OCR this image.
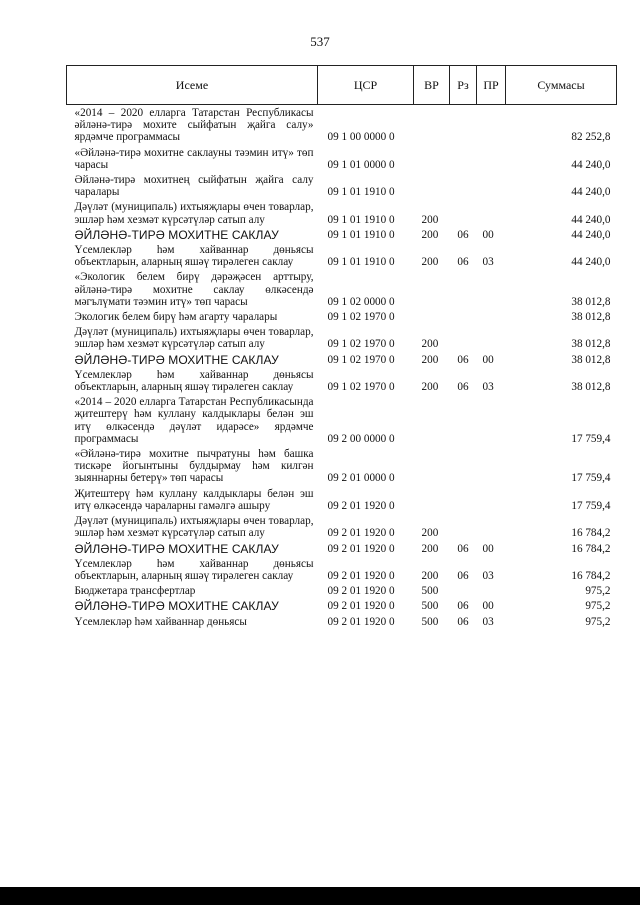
537
Исеме	ЦСР	ВР	Рз	ПР	Суммасы
«2014 – 2020 елларга Татарстан Республикасы әйләнә-тирә мохите сыйфатын җайга салу» ярдәмче программасы	09 1 00 0000 0				82 252,8
«Әйләнә-тирә мохитне саклауны тәэмин итү» төп чарасы	09 1 01 0000 0				44 240,0
Әйләнә-тирә мохитнең сыйфатын җайга салу чаралары	09 1 01 1910 0				44 240,0
Дәүләт (муниципаль) ихтыяҗлары өчен товарлар, эшләр һәм хезмәт күрсәтүләр сатып алу	09 1 01 1910 0	200			44 240,0
ӘЙЛӘНӘ-ТИРӘ МОХИТНЕ САКЛАУ	09 1 01 1910 0	200	06	00	44 240,0
Үсемлекләр һәм хайваннар дөньясы объектларын, аларның яшәү тирәлеген саклау	09 1 01 1910 0	200	06	03	44 240,0
«Экологик белем бирү дәрәҗәсен арттыру, әйләнә-тирә мохитне саклау өлкәсендә мәгълүмати тәэмин итү» төп чарасы	09 1 02 0000 0				38 012,8
Экологик белем бирү һәм агарту чаралары	09 1 02 1970 0				38 012,8
Дәүләт (муниципаль) ихтыяҗлары өчен товарлар, эшләр һәм хезмәт күрсәтүләр сатып алу	09 1 02 1970 0	200			38 012,8
ӘЙЛӘНӘ-ТИРӘ МОХИТНЕ САКЛАУ	09 1 02 1970 0	200	06	00	38 012,8
Үсемлекләр һәм хайваннар дөньясы объектларын, аларның яшәү тирәлеген саклау	09 1 02 1970 0	200	06	03	38 012,8
«2014 – 2020 елларга Татарстан Республикасында җитештерү һәм куллану калдыклары белән эш итү өлкәсендә дәүләт идарәсе» ярдәмче программасы	09 2 00 0000 0				17 759,4
«Әйләнә-тирә мохитне пычратуны һәм башка тискәре йогынтыны булдырмау һәм килгән зыяннарны бетерү» төп чарасы	09 2 01 0000 0				17 759,4
Җитештерү һәм куллану калдыклары белән эш итү өлкәсендә чараларны гамәлгә ашыру	09 2 01 1920 0				17 759,4
Дәүләт (муниципаль) ихтыяҗлары өчен товарлар, эшләр һәм хезмәт күрсәтүләр сатып алу	09 2 01 1920 0	200			16 784,2
ӘЙЛӘНӘ-ТИРӘ МОХИТНЕ САКЛАУ	09 2 01 1920 0	200	06	00	16 784,2
Үсемлекләр һәм хайваннар дөньясы объектларын, аларның яшәү тирәлеген саклау	09 2 01 1920 0	200	06	03	16 784,2
Бюджетара трансфертлар	09 2 01 1920 0	500			975,2
ӘЙЛӘНӘ-ТИРӘ МОХИТНЕ САКЛАУ	09 2 01 1920 0	500	06	00	975,2
Үсемлекләр һәм хайваннар дөньясы	09 2 01 1920 0	500	06	03	975,2
